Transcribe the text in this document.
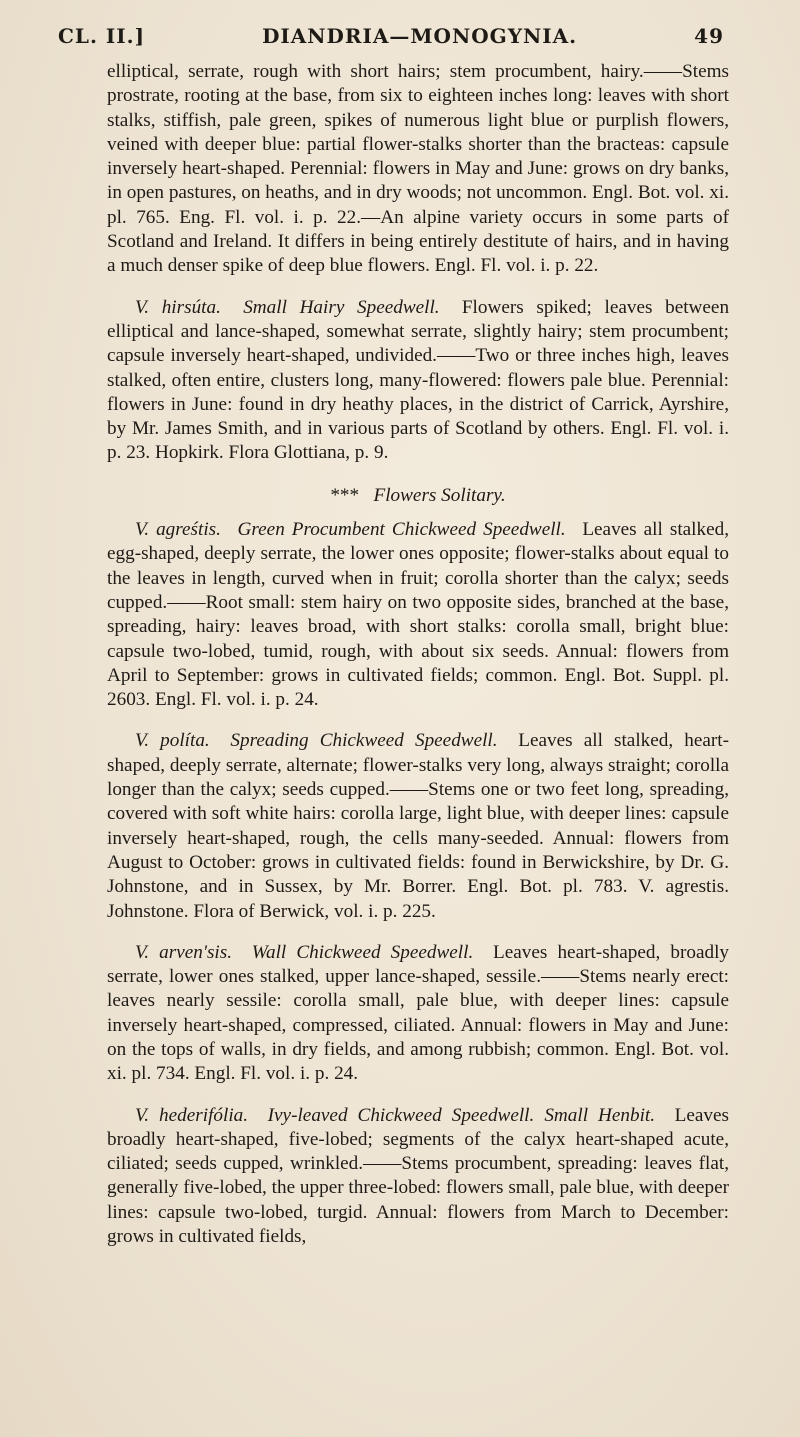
CL. II.]	DIANDRIA—MONOGYNIA.	49

elliptical, serrate, rough with short hairs; stem procumbent, hairy.——Stems prostrate, rooting at the base, from six to eighteen inches long: leaves with short stalks, stiffish, pale green, spikes of numerous light blue or purplish flowers, veined with deeper blue: partial flower-stalks shorter than the bracteas: capsule inversely heart-shaped. Perennial: flowers in May and June: grows on dry banks, in open pastures, on heaths, and in dry woods; not uncommon. Engl. Bot. vol. xi. pl. 765. Eng. Fl. vol. i. p. 22.—An alpine variety occurs in some parts of Scotland and Ireland. It differs in being entirely destitute of hairs, and in having a much denser spike of deep blue flowers. Engl. Fl. vol. i. p. 22.

V. hirsúta.  Small Hairy Speedwell.  Flowers spiked; leaves between elliptical and lance-shaped, somewhat serrate, slightly hairy; stem procumbent; capsule inversely heart-shaped, undivided.——Two or three inches high, leaves stalked, often entire, clusters long, many-flowered: flowers pale blue. Perennial: flowers in June: found in dry heathy places, in the district of Carrick, Ayrshire, by Mr. James Smith, and in various parts of Scotland by others. Engl. Fl. vol. i. p. 23. Hopkirk. Flora Glottiana, p. 9.

***  Flowers Solitary.

V. agreśtis.  Green Procumbent Chickweed Speedwell.  Leaves all stalked, egg-shaped, deeply serrate, the lower ones opposite; flower-stalks about equal to the leaves in length, curved when in fruit; corolla shorter than the calyx; seeds cupped.——Root small: stem hairy on two opposite sides, branched at the base, spreading, hairy: leaves broad, with short stalks: corolla small, bright blue: capsule two-lobed, tumid, rough, with about six seeds. Annual: flowers from April to September: grows in cultivated fields; common. Engl. Bot. Suppl. pl. 2603. Engl. Fl. vol. i. p. 24.

V. políta.  Spreading Chickweed Speedwell.  Leaves all stalked, heart-shaped, deeply serrate, alternate; flower-stalks very long, always straight; corolla longer than the calyx; seeds cupped.——Stems one or two feet long, spreading, covered with soft white hairs: corolla large, light blue, with deeper lines: capsule inversely heart-shaped, rough, the cells many-seeded. Annual: flowers from August to October: grows in cultivated fields: found in Berwickshire, by Dr. G. Johnstone, and in Sussex, by Mr. Borrer. Engl. Bot. pl. 783. V. agrestis. Johnstone. Flora of Berwick, vol. i. p. 225.

V. arven'sis.  Wall Chickweed Speedwell.  Leaves heart-shaped, broadly serrate, lower ones stalked, upper lance-shaped, sessile.——Stems nearly erect: leaves nearly sessile: corolla small, pale blue, with deeper lines: capsule inversely heart-shaped, compressed, ciliated. Annual: flowers in May and June: on the tops of walls, in dry fields, and among rubbish; common. Engl. Bot. vol. xi. pl. 734. Engl. Fl. vol. i. p. 24.

V. hederifólia.  Ivy-leaved Chickweed Speedwell. Small Henbit.  Leaves broadly heart-shaped, five-lobed; segments of the calyx heart-shaped acute, ciliated; seeds cupped, wrinkled.——Stems procumbent, spreading: leaves flat, generally five-lobed, the upper three-lobed: flowers small, pale blue, with deeper lines: capsule two-lobed, turgid. Annual: flowers from March to December: grows in cultivated fields,
